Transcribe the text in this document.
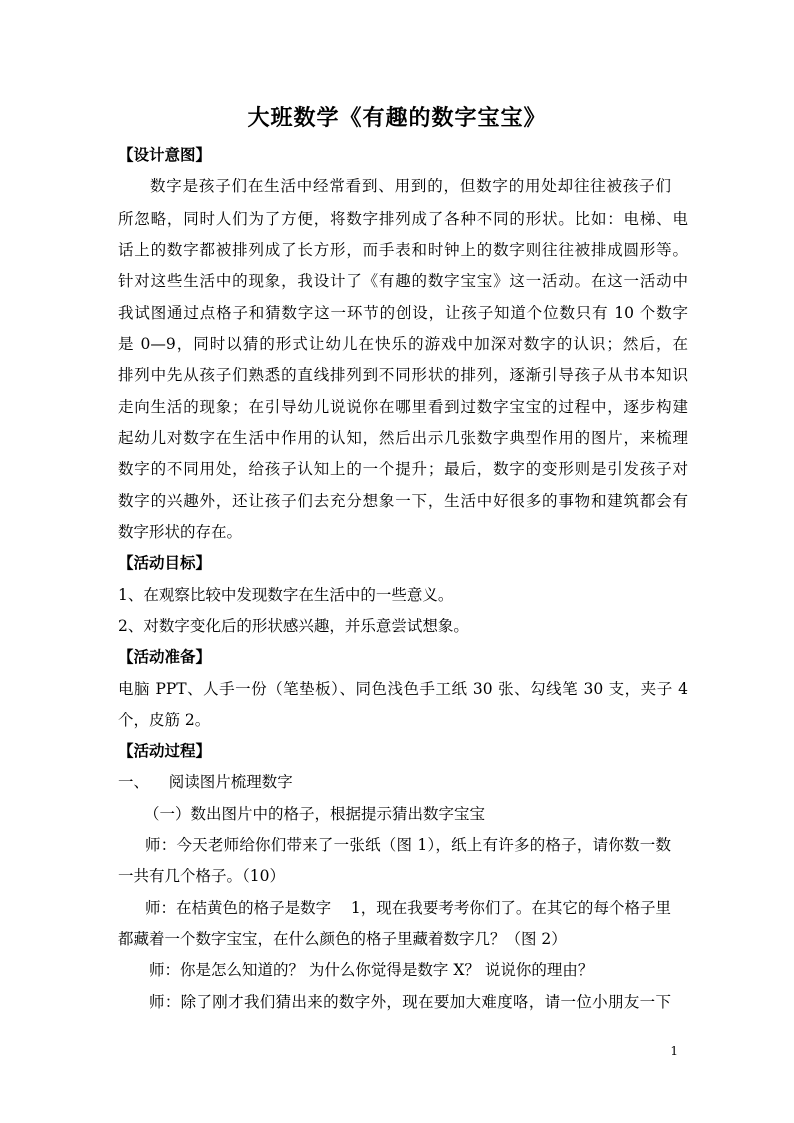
大班数学《有趣的数字宝宝》
【设计意图】
数字是孩子们在生活中经常看到、用到的，但数字的用处却往往被孩子们
所忽略，同时人们为了方便，将数字排列成了各种不同的形状。比如：电梯、电
话上的数字都被排列成了长方形，而手表和时钟上的数字则往往被排成圆形等。
针对这些生活中的现象，我设计了《有趣的数字宝宝》这一活动。在这一活动中
我试图通过点格子和猜数字这一环节的创设，让孩子知道个位数只有 10 个数字
是 0—9，同时以猜的形式让幼儿在快乐的游戏中加深对数字的认识；然后，在
排列中先从孩子们熟悉的直线排列到不同形状的排列，逐渐引导孩子从书本知识
走向生活的现象；在引导幼儿说说你在哪里看到过数字宝宝的过程中，逐步构建
起幼儿对数字在生活中作用的认知，然后出示几张数字典型作用的图片，来梳理
数字的不同用处，给孩子认知上的一个提升；最后，数字的变形则是引发孩子对
数字的兴趣外，还让孩子们去充分想象一下，生活中好很多的事物和建筑都会有
数字形状的存在。
【活动目标】
1、在观察比较中发现数字在生活中的一些意义。
2、对数字变化后的形状感兴趣，并乐意尝试想象。
【活动准备】
电脑 PPT、人手一份（笔垫板）、同色浅色手工纸 30 张、勾线笔 30 支，夹子 4
个，皮筋 2。
【活动过程】
一、    阅读图片梳理数字
（一）数出图片中的格子，根据提示猜出数字宝宝
师：今天老师给你们带来了一张纸（图 1），纸上有许多的格子，请你数一数
一共有几个格子。（10）
师：在桔黄色的格子是数字    1，现在我要考考你们了。在其它的每个格子里
都藏着一个数字宝宝，在什么颜色的格子里藏着数字几？（图 2）
师：你是怎么知道的？ 为什么你觉得是数字 X？ 说说你的理由？
师：除了刚才我们猜出来的数字外，现在要加大难度咯，请一位小朋友一下
1
